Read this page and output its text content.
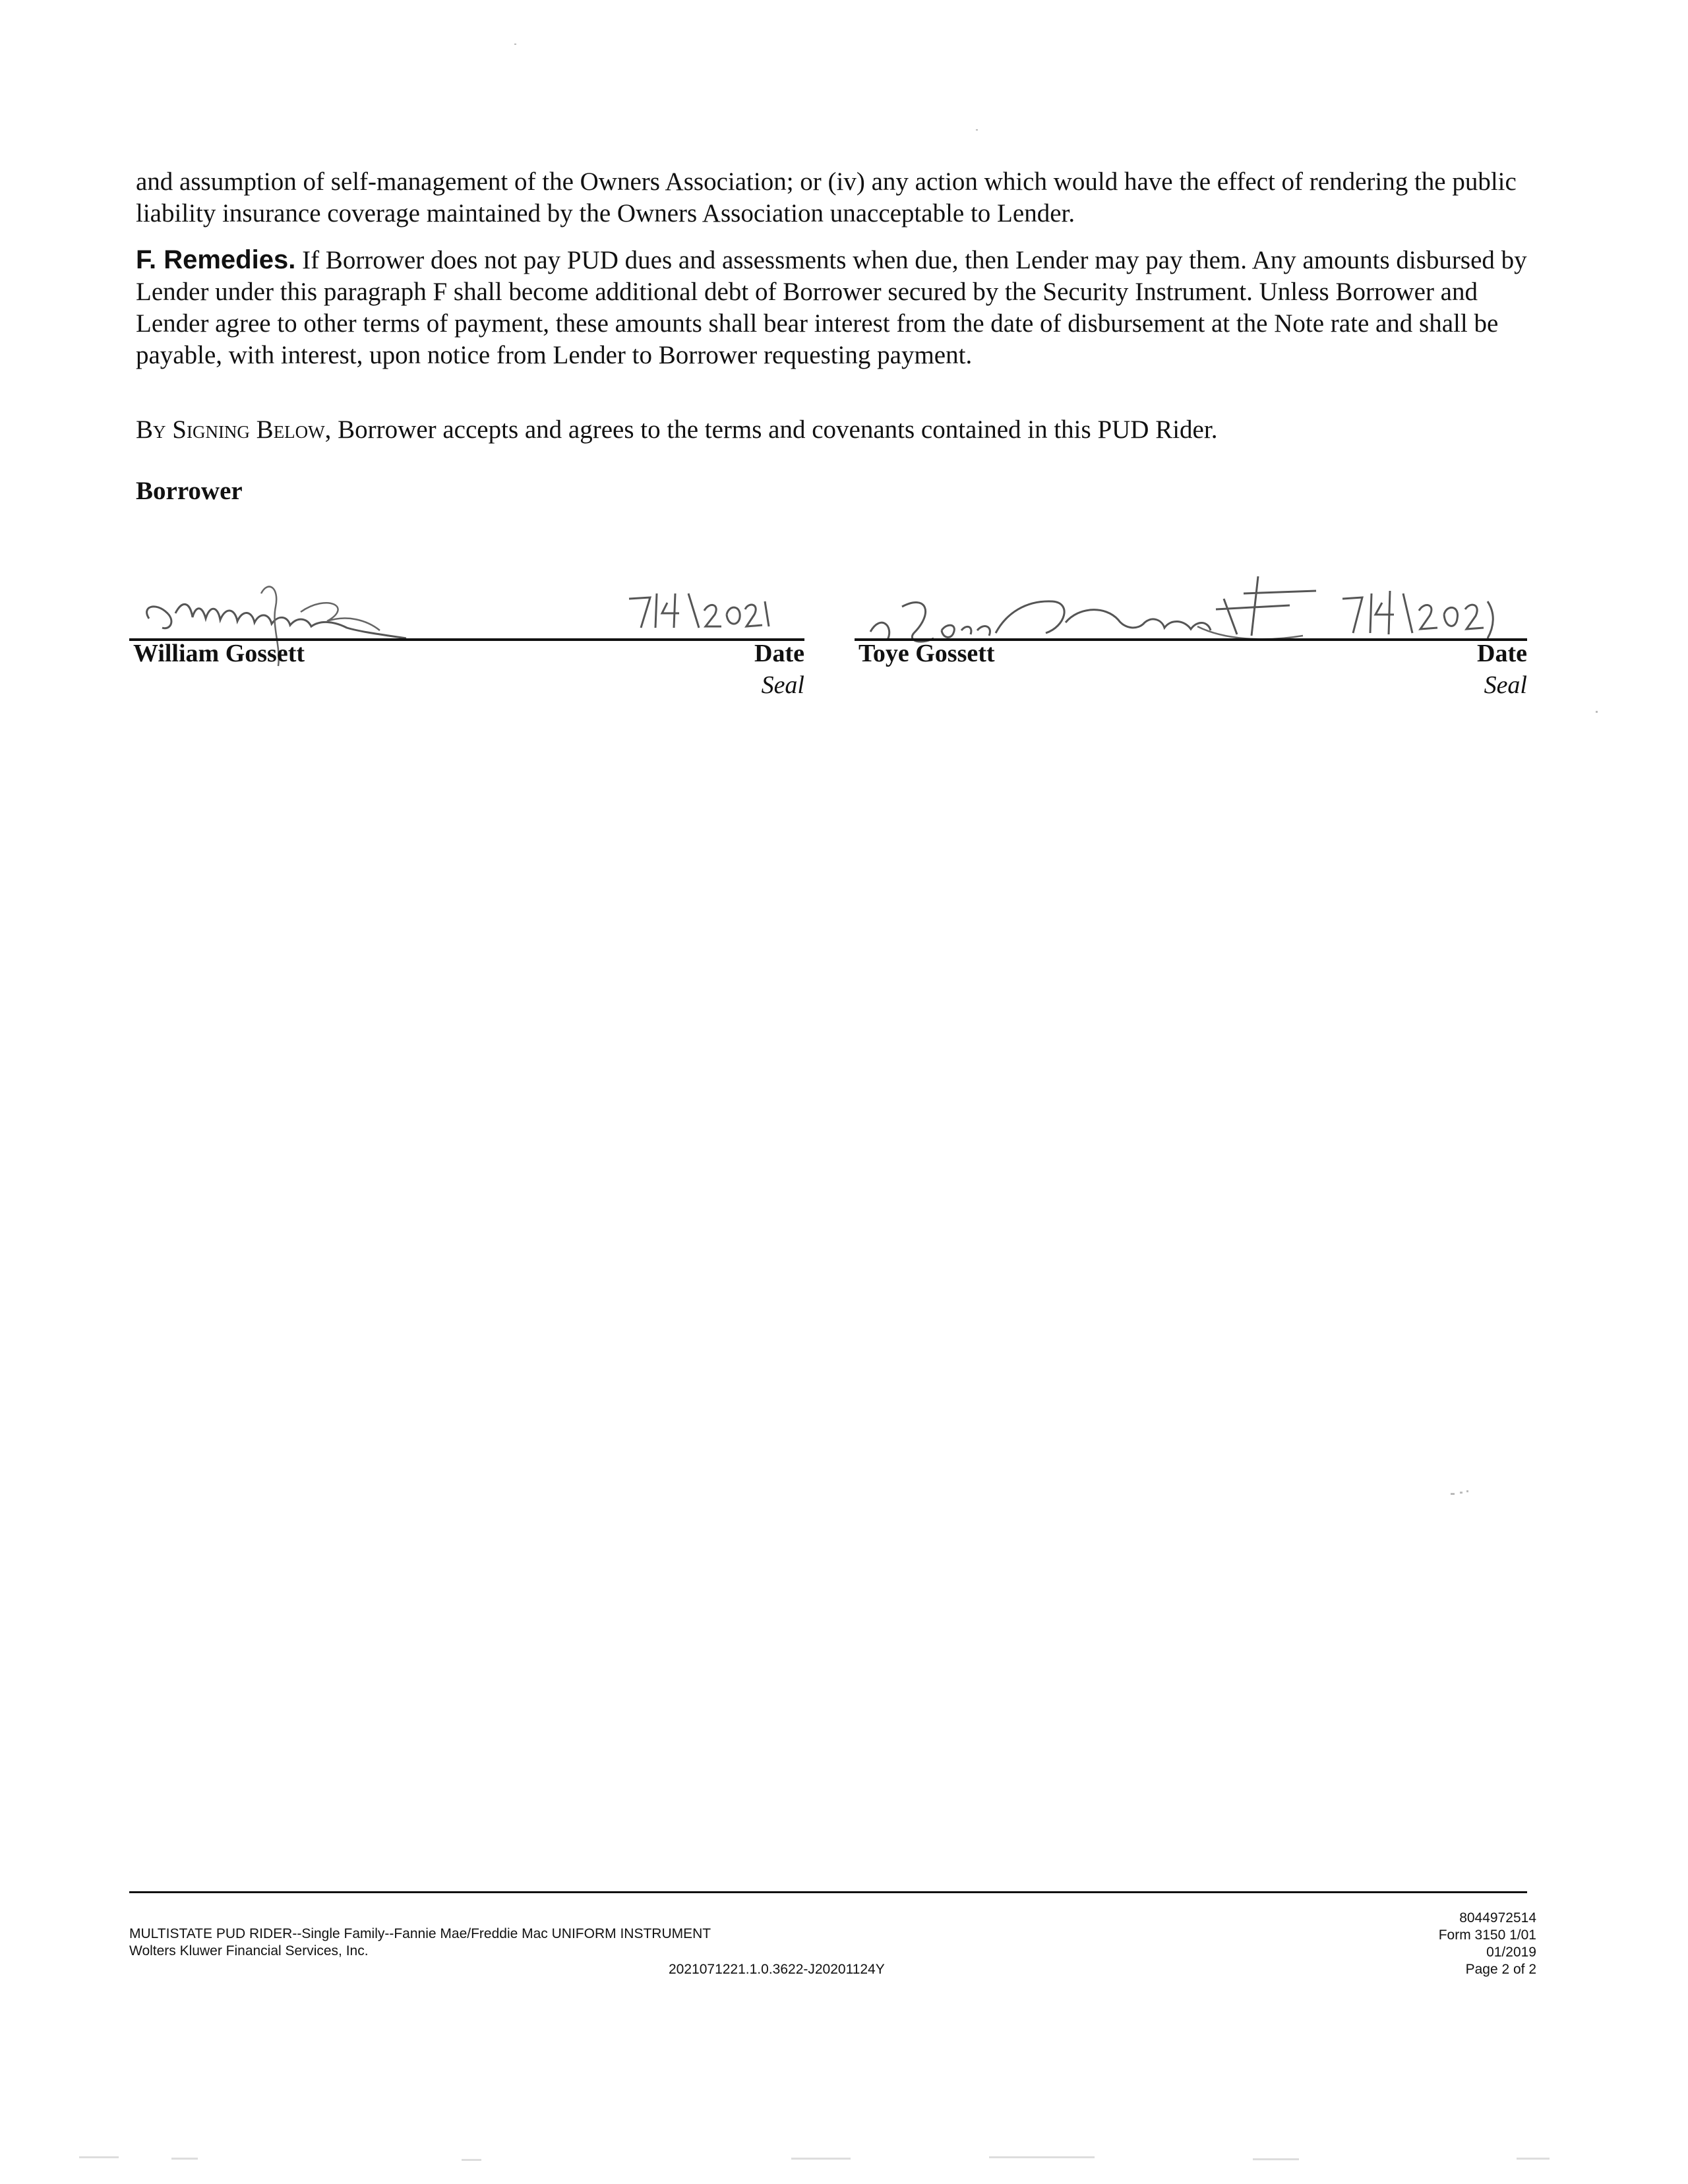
and assumption of self-management of the Owners Association; or (iv) any action which would have the effect of rendering the public liability insurance coverage maintained by the Owners Association unacceptable to Lender.

F. Remedies. If Borrower does not pay PUD dues and assessments when due, then Lender may pay them. Any amounts disbursed by Lender under this paragraph F shall become additional debt of Borrower secured by the Security Instrument. Unless Borrower and Lender agree to other terms of payment, these amounts shall bear interest from the date of disbursement at the Note rate and shall be payable, with interest, upon notice from Lender to Borrower requesting payment.

By Signing Below, Borrower accepts and agrees to the terms and covenants contained in this PUD Rider.

Borrower

William Gossett	Date
Seal
Toye Gossett	Date
Seal
MULTISTATE PUD RIDER--Single Family--Fannie Mae/Freddie Mac UNIFORM INSTRUMENT
Wolters Kluwer Financial Services, Inc.
2021071221.1.0.3622-J20201124Y
8044972514
Form 3150 1/01
01/2019
Page 2 of 2
